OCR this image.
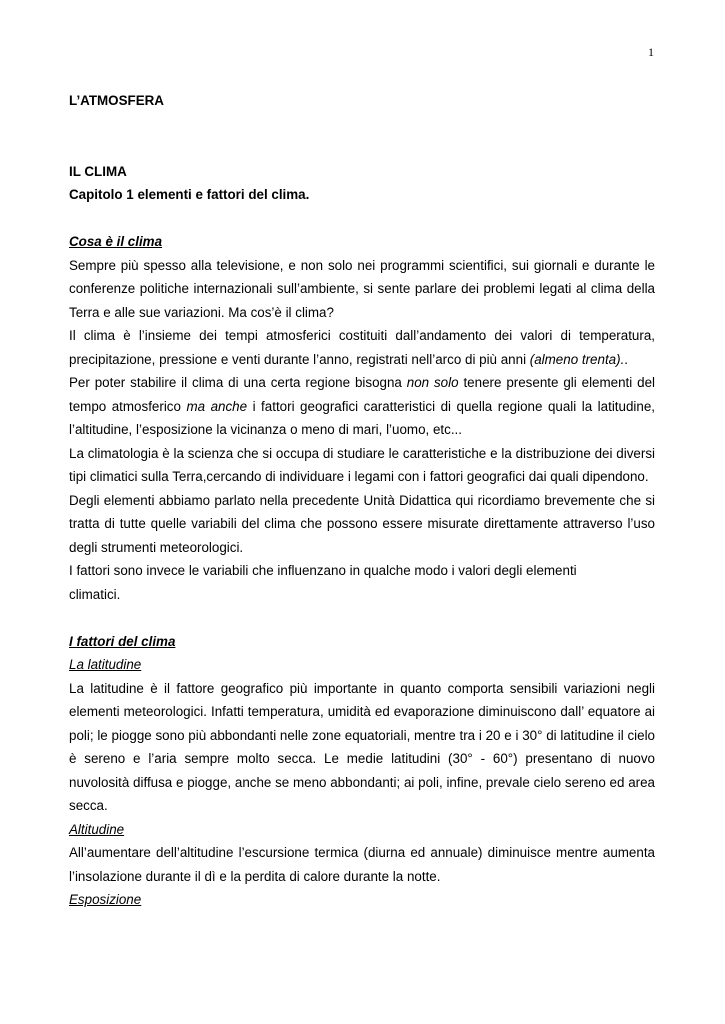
1

L’ATMOSFERA

IL CLIMA

Capitolo 1 elementi e fattori del clima.

Cosa è il clima

Sempre più spesso alla televisione, e non solo nei programmi scientifici, sui giornali e durante le conferenze politiche internazionali sull’ambiente, si sente parlare dei problemi legati al clima della Terra e alle sue variazioni. Ma cos’è il clima?

Il clima è l’insieme dei tempi atmosferici costituiti dall’andamento dei valori di temperatura, precipitazione, pressione e venti durante l’anno, registrati nell’arco di più anni (almeno trenta)..

Per poter stabilire il clima di una certa regione bisogna non solo tenere presente gli elementi del tempo atmosferico ma anche i fattori geografici caratteristici di quella regione quali la latitudine, l’altitudine, l’esposizione la vicinanza o meno di mari, l’uomo, etc...

La climatologia è la scienza che si occupa di studiare le caratteristiche e la distribuzione dei diversi tipi climatici sulla Terra,cercando di individuare i legami con i fattori geografici dai quali dipendono.

Degli elementi abbiamo parlato nella precedente Unità Didattica qui ricordiamo brevemente che si tratta di tutte quelle variabili del clima che possono essere misurate direttamente attraverso l’uso degli strumenti meteorologici.

I fattori sono invece le variabili che influenzano in qualche modo i valori degli elementi

climatici.

I fattori del clima

La latitudine

La latitudine è il fattore geografico più importante in quanto comporta sensibili variazioni negli elementi meteorologici. Infatti temperatura, umidità ed evaporazione diminuiscono dall’ equatore ai poli; le piogge sono più abbondanti nelle zone equatoriali, mentre tra i 20 e i 30° di latitudine il cielo è sereno e l’aria sempre molto secca. Le medie latitudini (30° - 60°) presentano di nuovo nuvolosità diffusa e piogge, anche se meno abbondanti; ai poli, infine, prevale cielo sereno ed area secca.

Altitudine

All’aumentare dell’altitudine l’escursione termica (diurna ed annuale) diminuisce mentre aumenta l’insolazione durante il dì e la perdita di calore durante la notte.

Esposizione
